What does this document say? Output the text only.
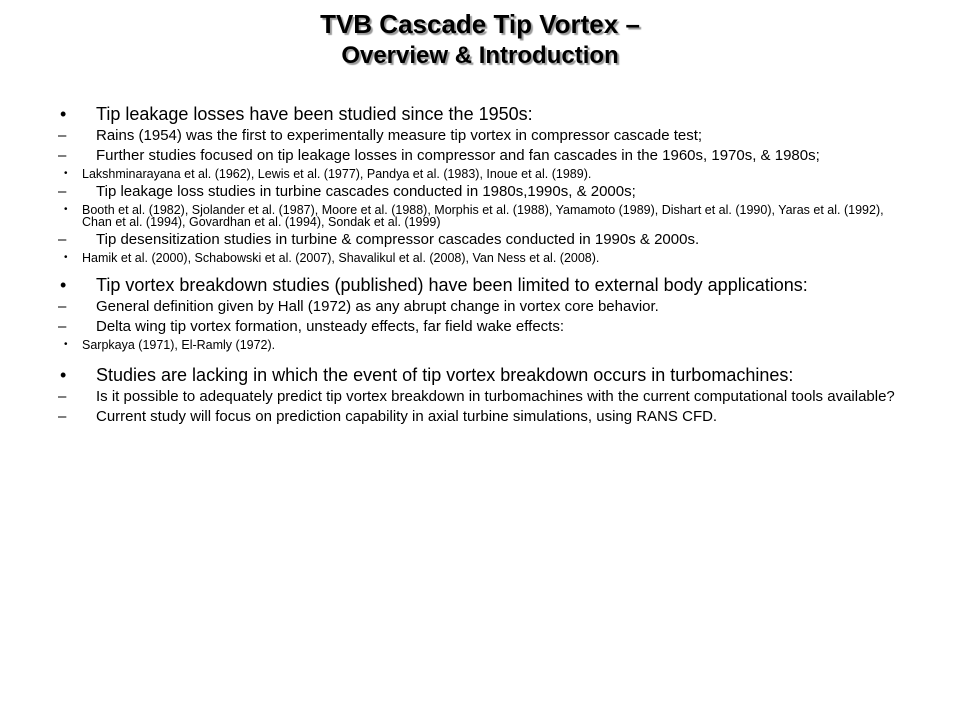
TVB Cascade Tip Vortex –
Overview & Introduction
• Tip leakage losses have been studied since the 1950s:
– Rains (1954) was the first to experimentally measure tip vortex in compressor cascade test;
– Further studies focused on tip leakage losses in compressor and fan cascades in the 1960s, 1970s, & 1980s;
• Lakshminarayana et al. (1962), Lewis et al. (1977), Pandya et al. (1983), Inoue et al. (1989).
– Tip leakage loss studies in turbine cascades conducted in 1980s,1990s, & 2000s;
• Booth et al. (1982), Sjolander et al. (1987), Moore et al. (1988), Morphis et al. (1988), Yamamoto (1989), Dishart et al. (1990), Yaras et al. (1992), Chan et al. (1994), Govardhan et al. (1994), Sondak et al. (1999)
– Tip desensitization studies in turbine & compressor cascades conducted in 1990s & 2000s.
• Hamik et al. (2000), Schabowski et al. (2007), Shavalikul et al. (2008), Van Ness et al. (2008).
• Tip vortex breakdown studies (published) have been limited to external body applications:
– General definition given by Hall (1972) as any abrupt change in vortex core behavior.
– Delta wing tip vortex formation, unsteady effects, far field wake effects:
• Sarpkaya (1971), El-Ramly (1972).
• Studies are lacking in which the event of tip vortex breakdown occurs in turbomachines:
– Is it possible to adequately predict tip vortex breakdown in turbomachines with the current computational tools available?
– Current study will focus on prediction capability in axial turbine simulations, using RANS CFD.
